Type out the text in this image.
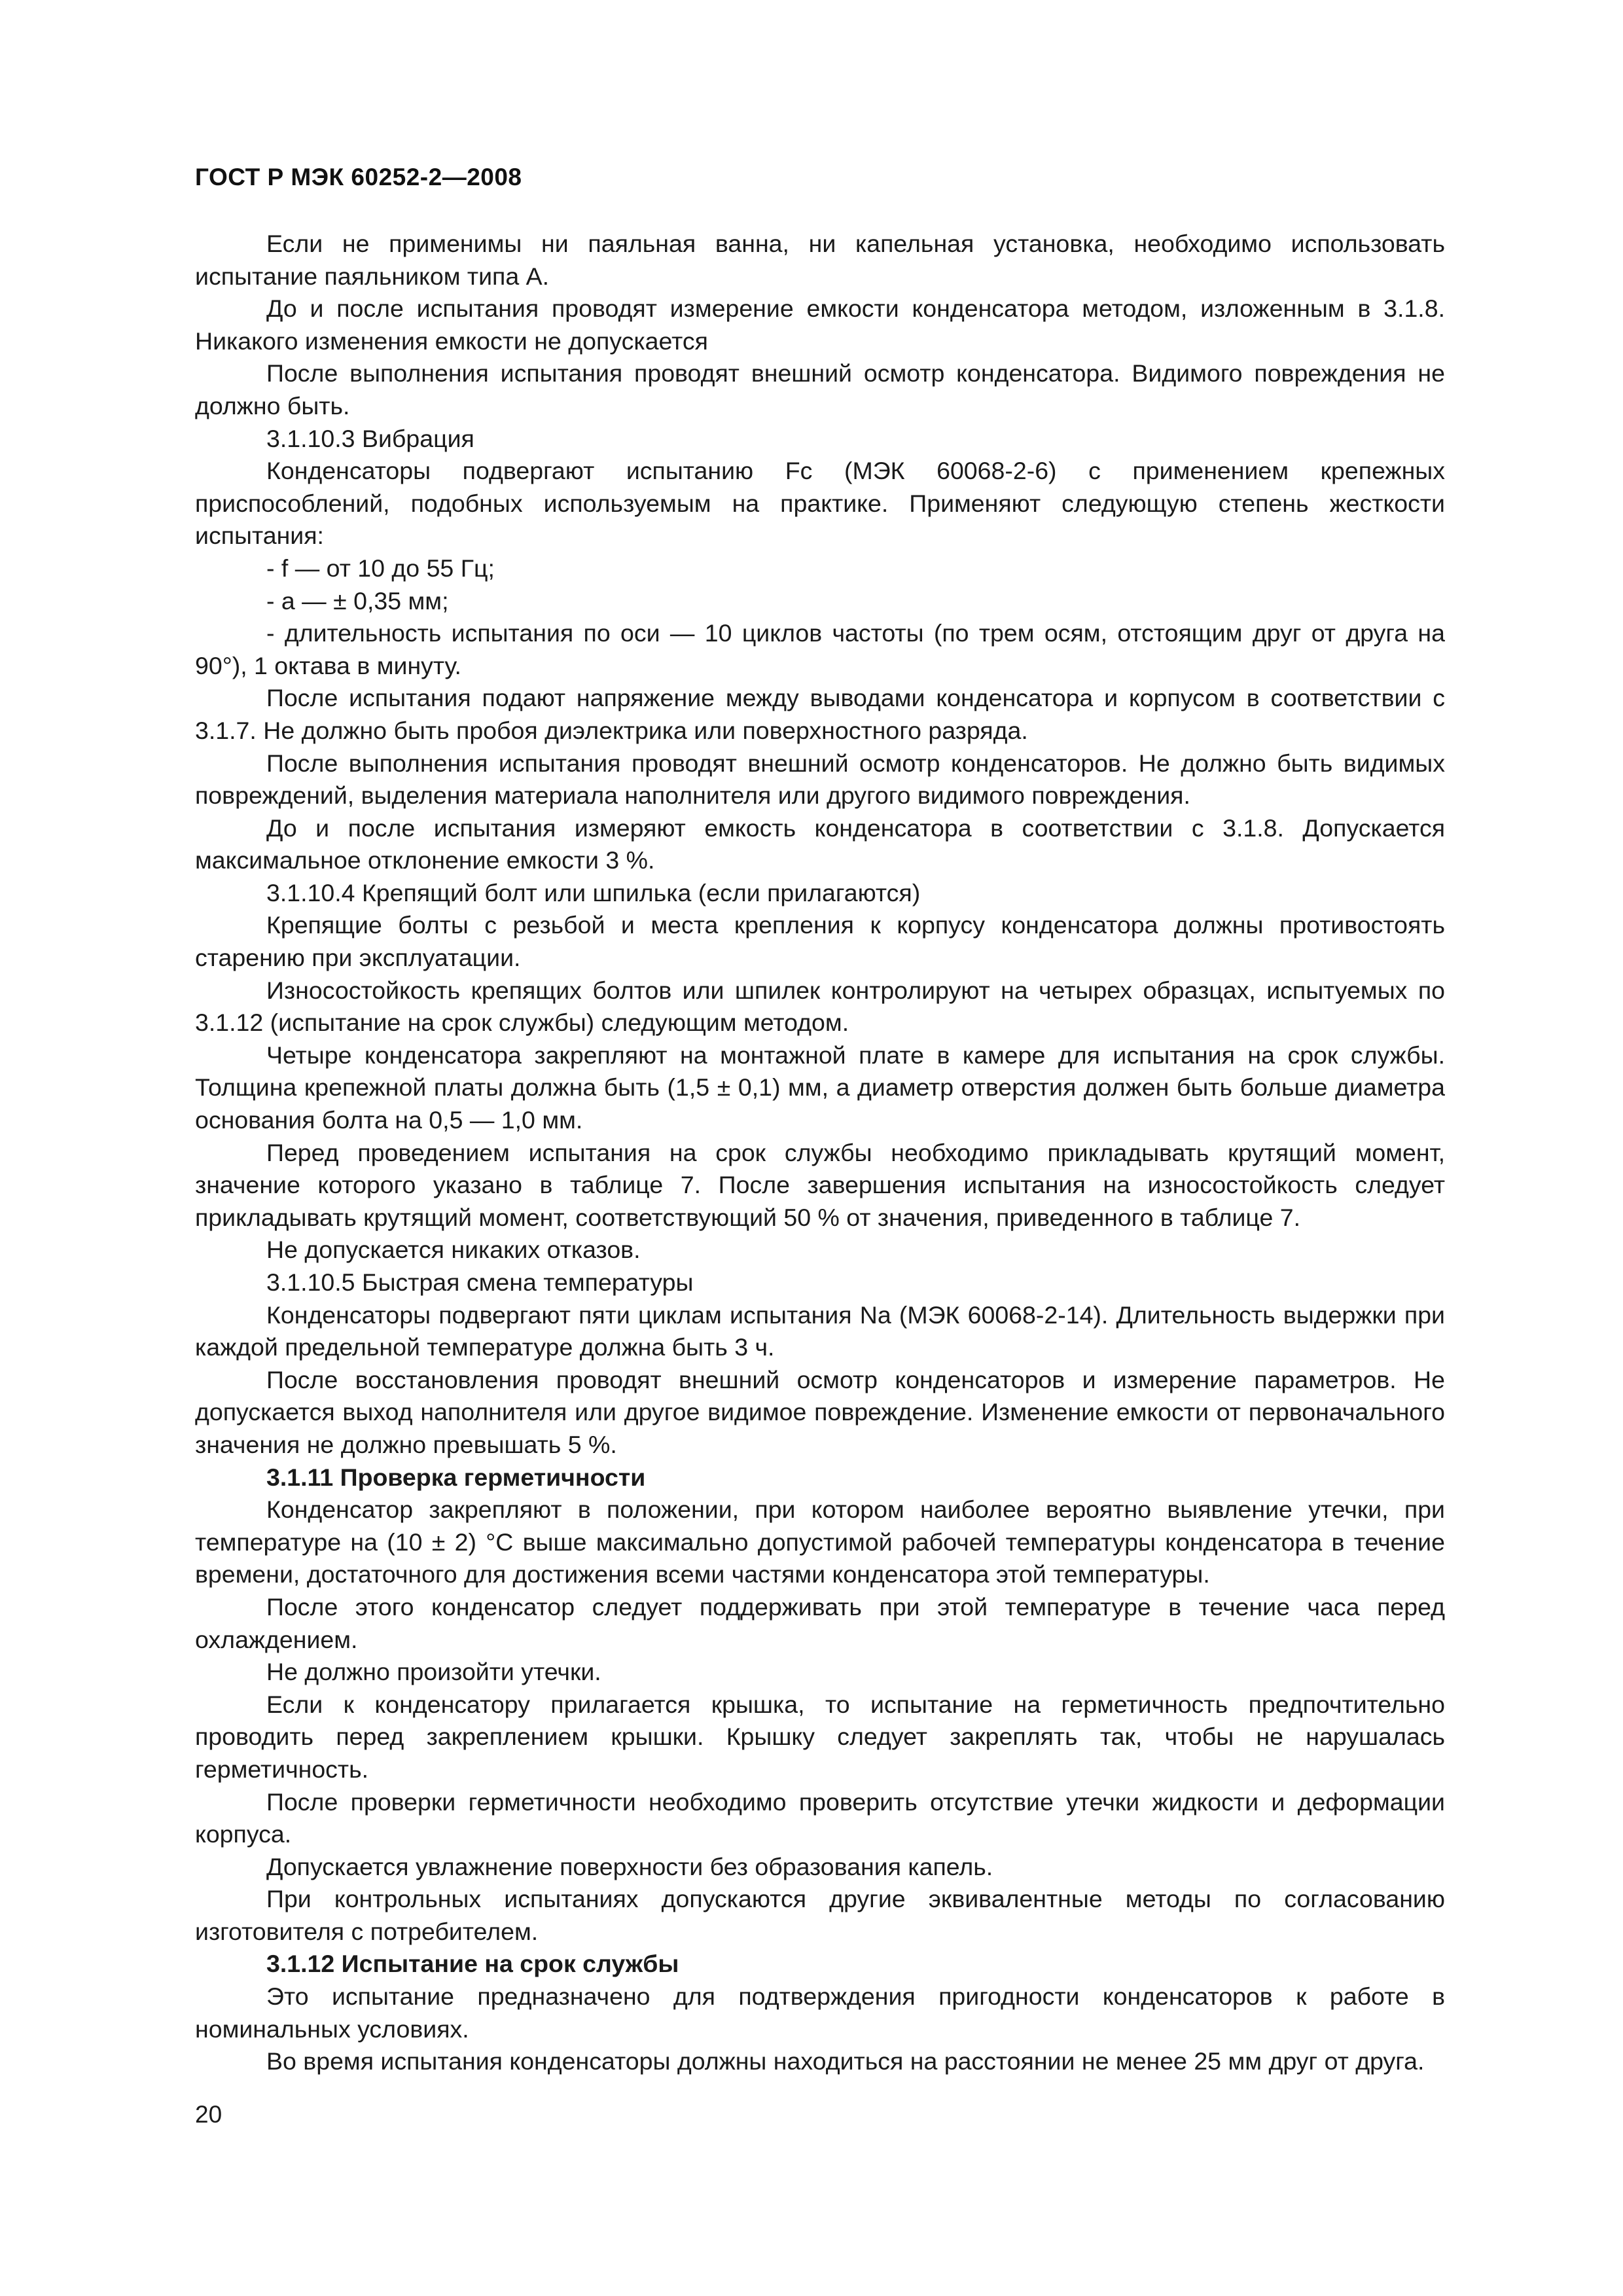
ГОСТ Р МЭК 60252-2—2008

Если не применимы ни паяльная ванна, ни капельная установка, необходимо использовать испытание паяльником типа А.

До и после испытания проводят измерение емкости конденсатора методом, изложенным в 3.1.8. Никакого изменения емкости не допускается

После выполнения испытания проводят внешний осмотр конденсатора. Видимого повреждения не должно быть.

3.1.10.3 Вибрация

Конденсаторы подвергают испытанию Fc (МЭК 60068-2-6) с применением крепежных приспособлений, подобных используемым на практике. Применяют следующую степень жесткости испытания:

- f — от 10 до 55 Гц;

- а — ± 0,35 мм;

- длительность испытания по оси — 10 циклов частоты (по трем осям, отстоящим друг от друга на 90°), 1 октава в минуту.

После испытания подают напряжение между выводами конденсатора и корпусом в соответствии с 3.1.7. Не должно быть пробоя диэлектрика или поверхностного разряда.

После выполнения испытания проводят внешний осмотр конденсаторов. Не должно быть видимых повреждений, выделения материала наполнителя или другого видимого повреждения.

До и после испытания измеряют емкость конденсатора в соответствии с 3.1.8. Допускается максимальное отклонение емкости 3 %.

3.1.10.4 Крепящий болт или шпилька (если прилагаются)

Крепящие болты с резьбой и места крепления к корпусу конденсатора должны противостоять старению при эксплуатации.

Износостойкость крепящих болтов или шпилек контролируют на четырех образцах, испытуемых по 3.1.12 (испытание на срок службы) следующим методом.

Четыре конденсатора закрепляют на монтажной плате в камере для испытания на срок службы. Толщина крепежной платы должна быть (1,5 ± 0,1) мм, а диаметр отверстия должен быть больше диаметра основания болта на 0,5 — 1,0 мм.

Перед проведением испытания на срок службы необходимо прикладывать крутящий момент, значение которого указано в таблице 7. После завершения испытания на износостойкость следует прикладывать крутящий момент, соответствующий 50 % от значения, приведенного в таблице 7.

Не допускается никаких отказов.

3.1.10.5 Быстрая смена температуры

Конденсаторы подвергают пяти циклам испытания Na (МЭК 60068-2-14). Длительность выдержки при каждой предельной температуре должна быть 3 ч.

После восстановления проводят внешний осмотр конденсаторов и измерение параметров. Не допускается выход наполнителя или другое видимое повреждение. Изменение емкости от первоначального значения не должно превышать 5 %.

3.1.11 Проверка герметичности

Конденсатор закрепляют в положении, при котором наиболее вероятно выявление утечки, при температуре на (10 ± 2) °С выше максимально допустимой рабочей температуры конденсатора в течение времени, достаточного для достижения всеми частями конденсатора этой температуры.

После этого конденсатор следует поддерживать при этой температуре в течение часа перед охлаждением.

Не должно произойти утечки.

Если к конденсатору прилагается крышка, то испытание на герметичность предпочтительно проводить перед закреплением крышки. Крышку следует закреплять так, чтобы не нарушалась герметичность.

После проверки герметичности необходимо проверить отсутствие утечки жидкости и деформации корпуса.

Допускается увлажнение поверхности без образования капель.

При контрольных испытаниях допускаются другие эквивалентные методы по согласованию изготовителя с потребителем.

3.1.12 Испытание на срок службы

Это испытание предназначено для подтверждения пригодности конденсаторов к работе в номинальных условиях.

Во время испытания конденсаторы должны находиться на расстоянии не менее 25 мм друг от друга.

20
